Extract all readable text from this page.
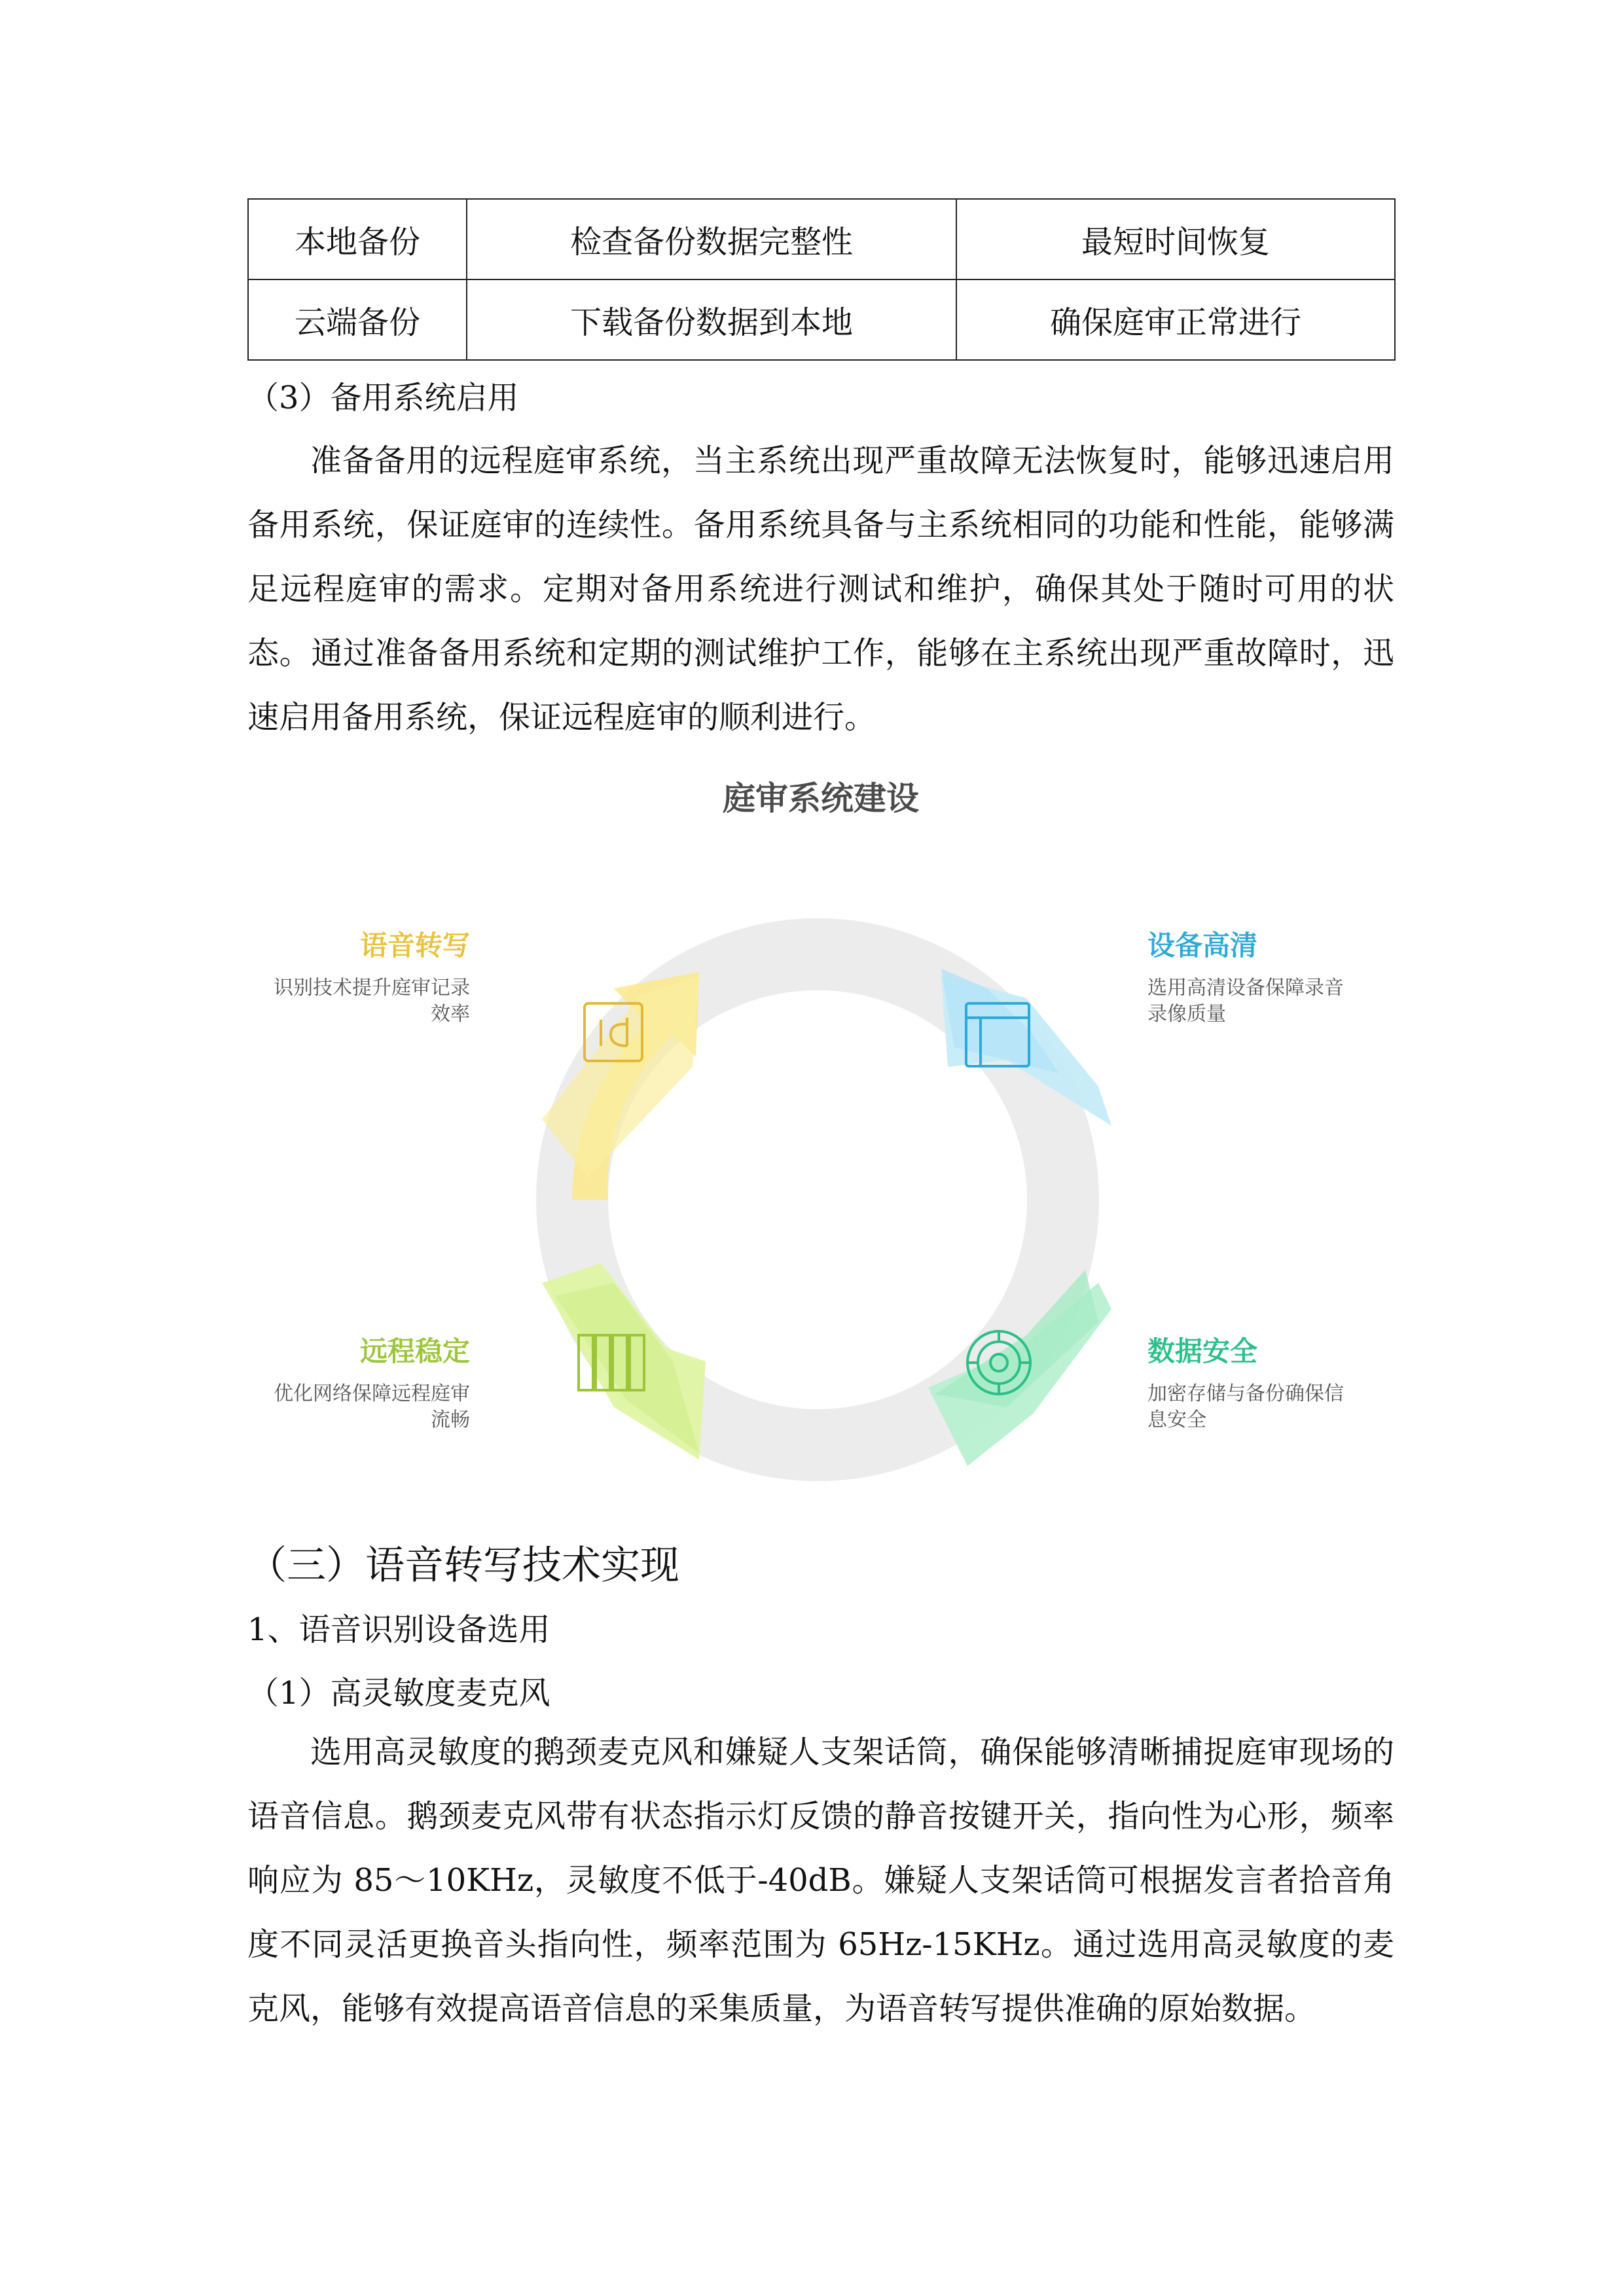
本地备份	检查备份数据完整性	最短时间恢复
云端备份	下载备份数据到本地	确保庭审正常进行
（3）备用系统启用

准备备用的远程庭审系统，当主系统出现严重故障无法恢复时，能够迅速启用备用系统，保证庭审的连续性。备用系统具备与主系统相同的功能和性能，能够满足远程庭审的需求。定期对备用系统进行测试和维护，确保其处于随时可用的状态。通过准备备用系统和定期的测试维护工作，能够在主系统出现严重故障时，迅速启用备用系统，保证远程庭审的顺利进行。

庭审系统建设
语音转写
识别技术提升庭审记录
效率
设备高清
选用高清设备保障录音
录像质量
数据安全
加密存储与备份确保信
息安全
远程稳定
优化网络保障远程庭审
流畅
（三）语音转写技术实现
1、语音识别设备选用
（1）高灵敏度麦克风

选用高灵敏度的鹅颈麦克风和嫌疑人支架话筒，确保能够清晰捕捉庭审现场的语音信息。鹅颈麦克风带有状态指示灯反馈的静音按键开关，指向性为心形，频率响应为 85～10KHz，灵敏度不低于-40dB。嫌疑人支架话筒可根据发言者拾音角度不同灵活更换音头指向性，频率范围为 65Hz-15KHz。通过选用高灵敏度的麦克风，能够有效提高语音信息的采集质量，为语音转写提供准确的原始数据。
